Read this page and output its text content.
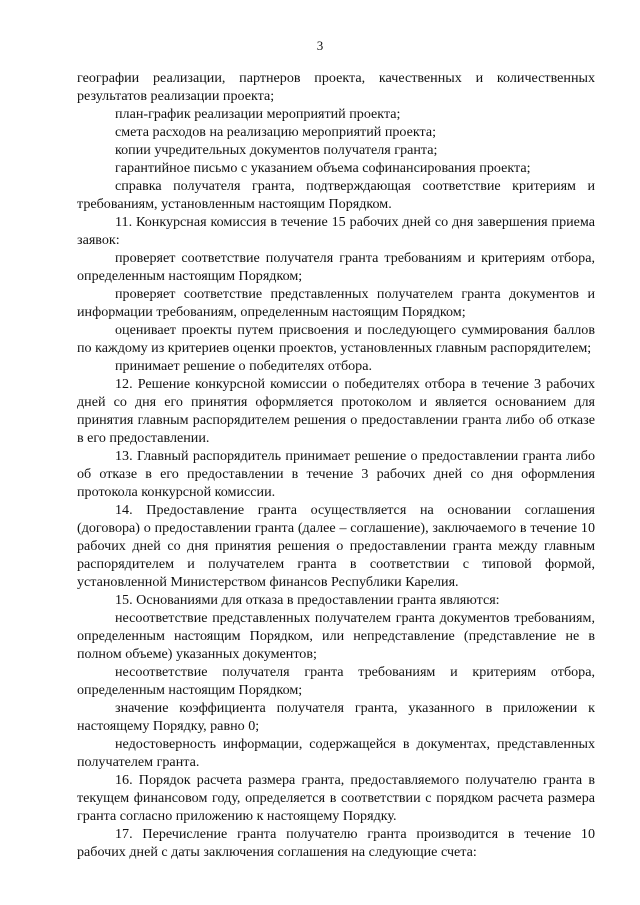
3

географии реализации, партнеров проекта, качественных и количественных результатов реализации проекта;

план-график реализации мероприятий проекта;

смета расходов на реализацию мероприятий проекта;

копии учредительных документов получателя гранта;

гарантийное письмо с указанием объема софинансирования проекта;

справка получателя гранта, подтверждающая соответствие критериям и требованиям, установленным настоящим Порядком.

11. Конкурсная комиссия в течение 15 рабочих дней со дня завершения приема заявок:

проверяет соответствие получателя гранта требованиям и критериям отбора, определенным настоящим Порядком;

проверяет соответствие представленных получателем гранта документов и информации требованиям, определенным настоящим Порядком;

оценивает проекты путем присвоения и последующего суммирования баллов по каждому из критериев оценки проектов, установленных главным распорядителем;

принимает решение о победителях отбора.

12. Решение конкурсной комиссии о победителях отбора в течение 3 рабочих дней со дня его принятия оформляется протоколом и является основанием для принятия главным распорядителем решения о предоставлении гранта либо об отказе в его предоставлении.

13. Главный распорядитель принимает решение о предоставлении гранта либо об отказе в его предоставлении в течение 3 рабочих дней со дня оформления протокола конкурсной комиссии.

14. Предоставление гранта осуществляется на основании соглашения (договора) о предоставлении гранта (далее – соглашение), заключаемого в течение 10 рабочих дней со дня принятия решения о предоставлении гранта между главным распорядителем и получателем гранта в соответствии с типовой формой, установленной Министерством финансов Республики Карелия.

15. Основаниями для отказа в предоставлении гранта являются:

несоответствие представленных получателем гранта документов требованиям, определенным настоящим Порядком, или непредставление (представление не в полном объеме) указанных документов;

несоответствие получателя гранта требованиям и критериям отбора, определенным настоящим Порядком;

значение коэффициента получателя гранта, указанного в приложении к настоящему Порядку, равно 0;

недостоверность информации, содержащейся в документах, представленных получателем гранта.

16. Порядок расчета размера гранта, предоставляемого получателю гранта в текущем финансовом году, определяется в соответствии с порядком расчета размера гранта согласно приложению к настоящему Порядку.

17. Перечисление гранта получателю гранта производится в течение 10 рабочих дней с даты заключения соглашения на следующие счета:
